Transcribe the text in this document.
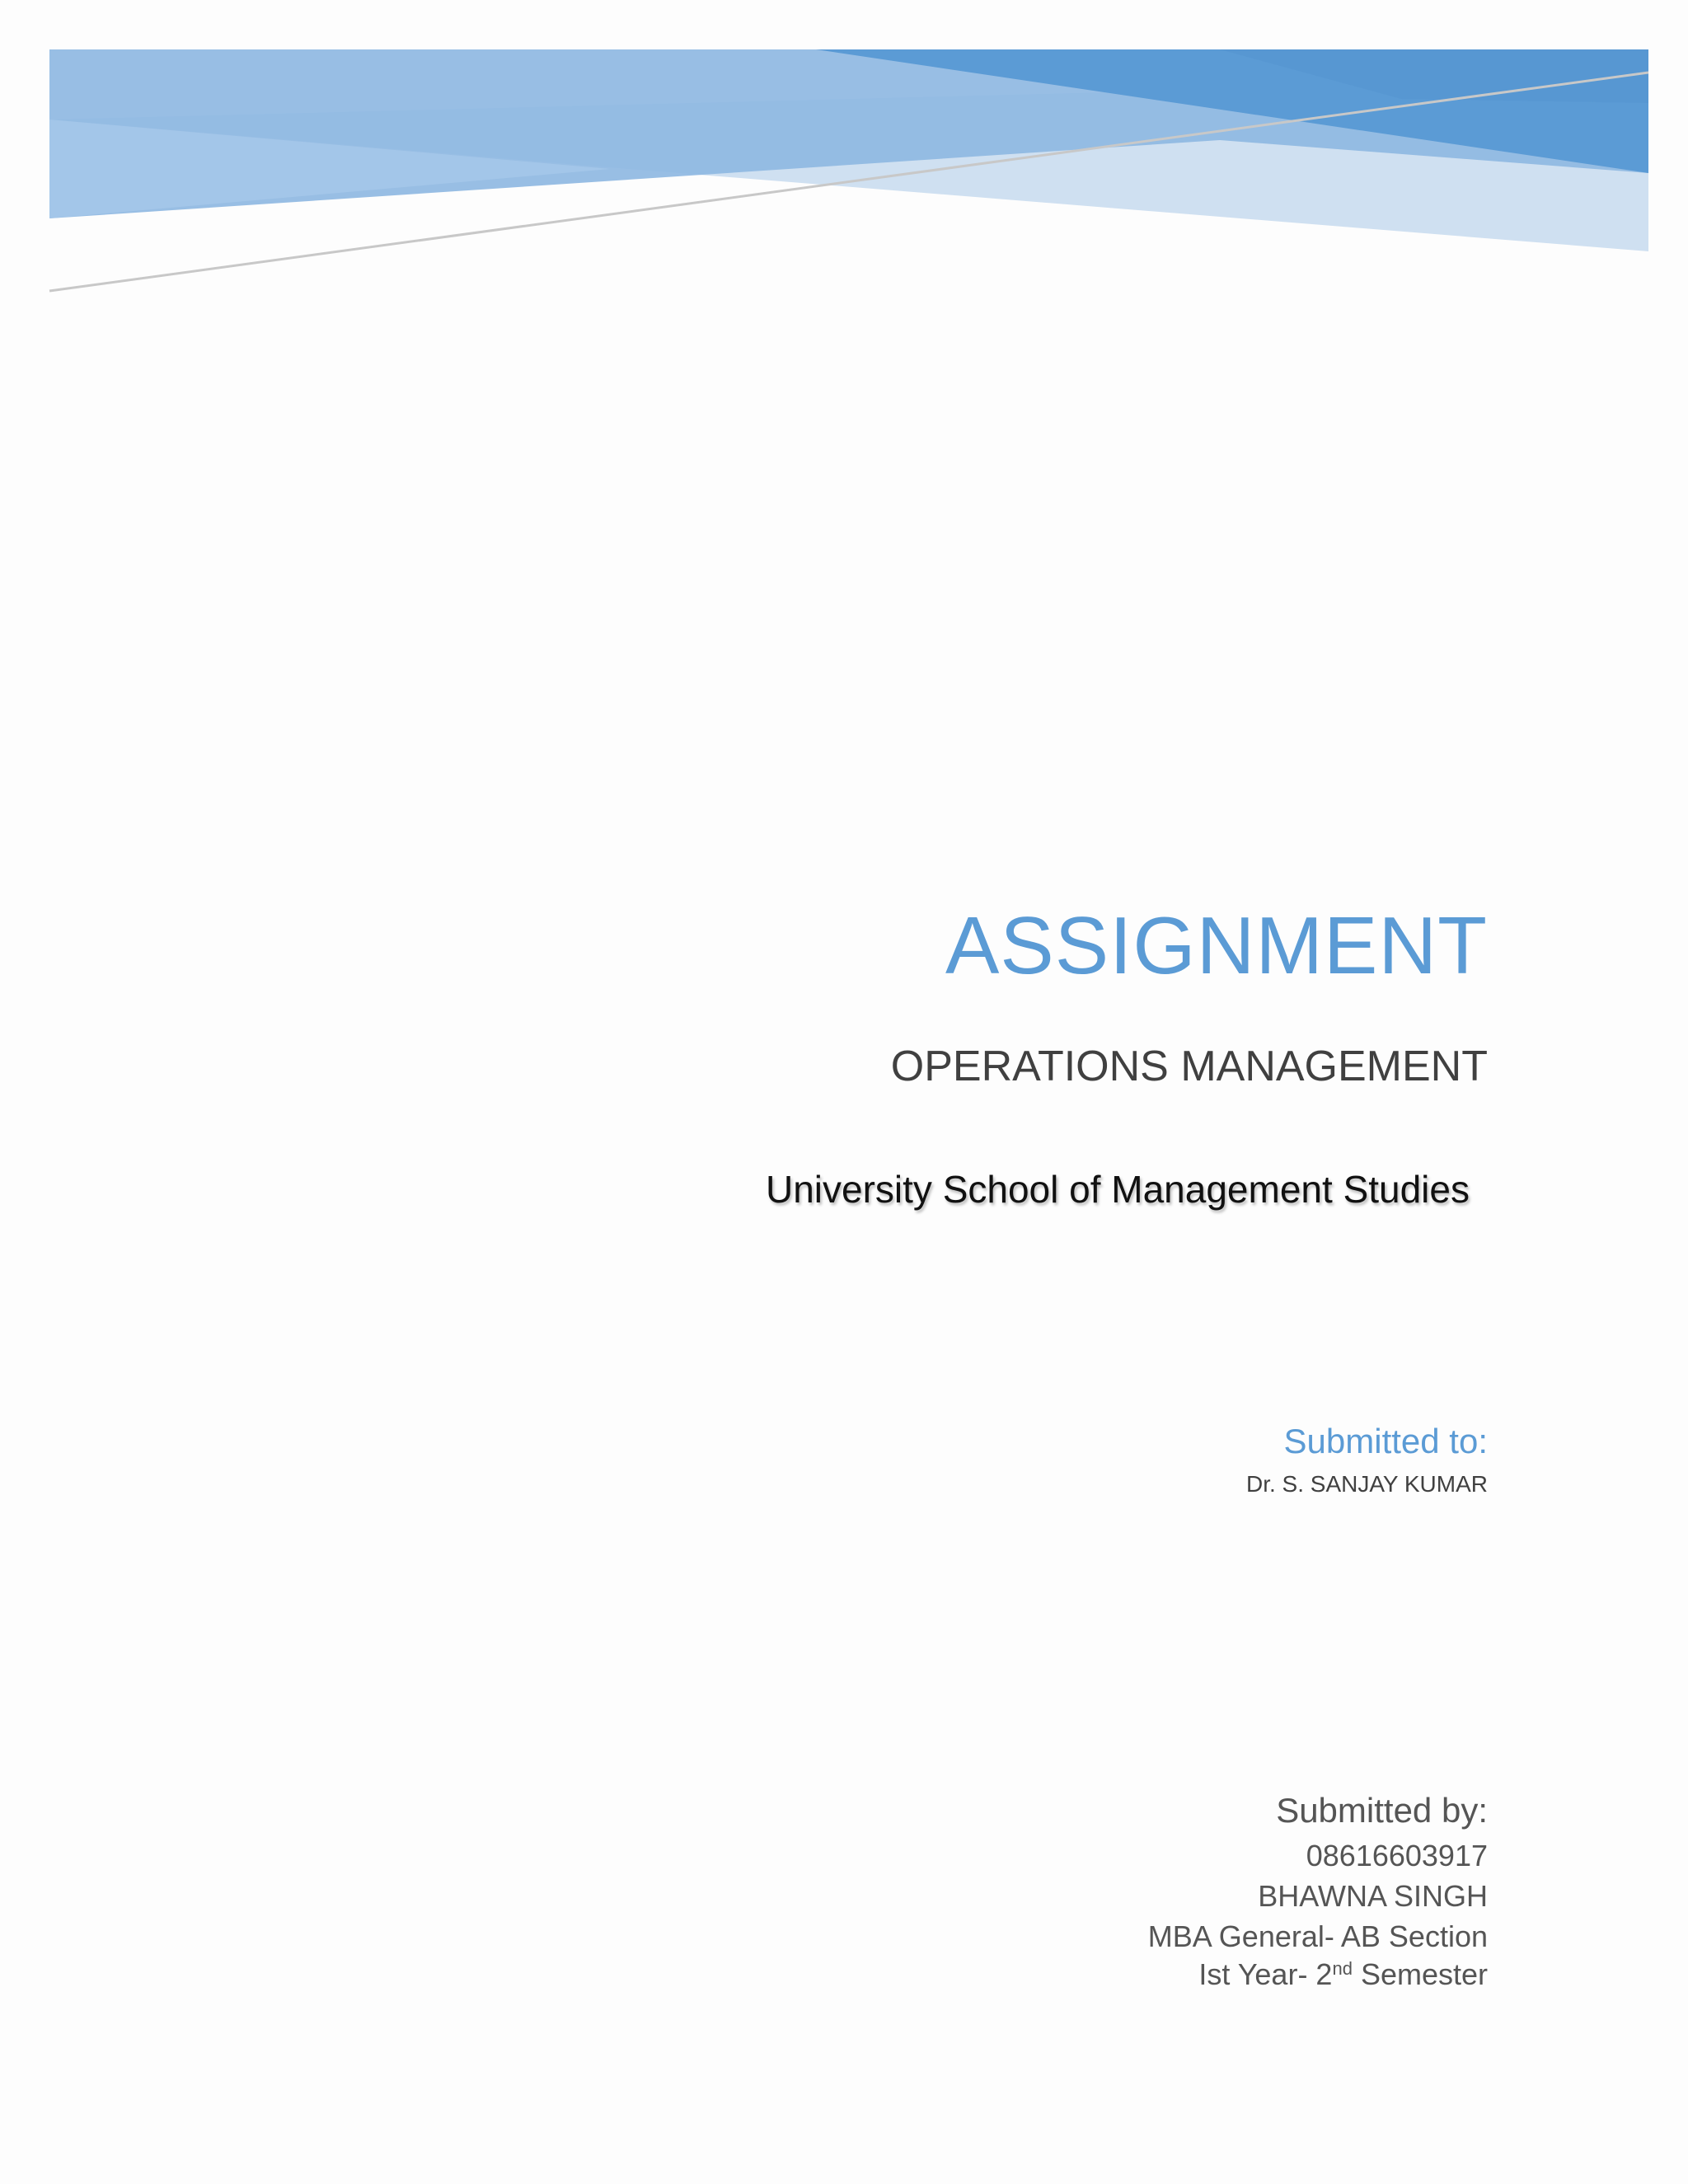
ASSIGNMENT
OPERATIONS MANAGEMENT
University School of Management Studies
Submitted to:
Dr. S. SANJAY KUMAR
Submitted by:
08616603917
BHAWNA SINGH
MBA General- AB Section
Ist Year- 2nd Semester
